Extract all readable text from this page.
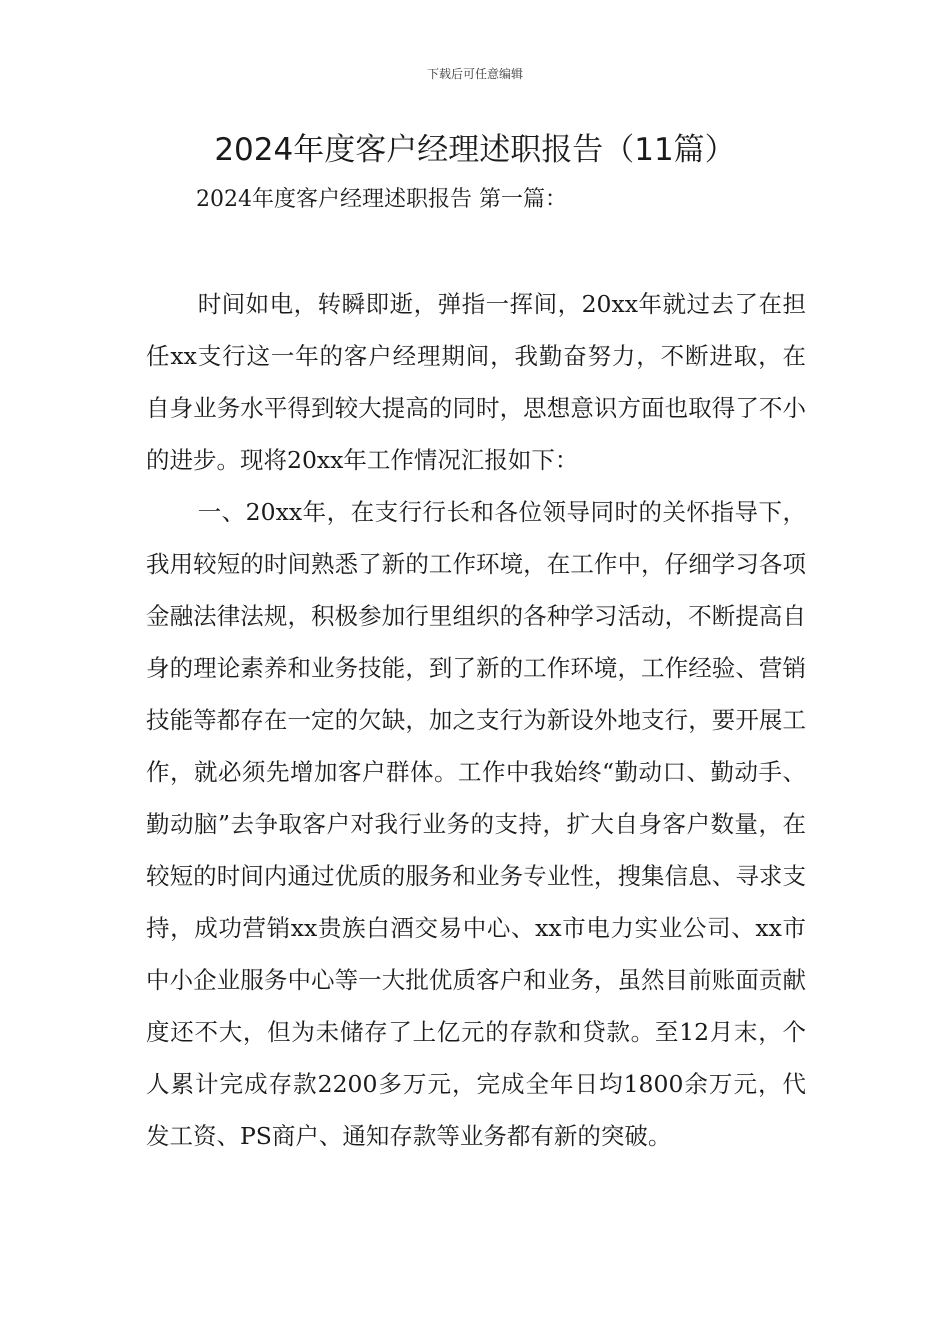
下载后可任意编辑
2024年度客户经理述职报告（11篇）
2024年度客户经理述职报告 第一篇：

时间如电，转瞬即逝，弹指一挥间，20xx年就过去了在担任xx支行这一年的客户经理期间，我勤奋努力，不断进取，在自身业务水平得到较大提高的同时，思想意识方面也取得了不小的进步。现将20xx年工作情况汇报如下：

一、20xx年，在支行行长和各位领导同时的关怀指导下，我用较短的时间熟悉了新的工作环境，在工作中，仔细学习各项金融法律法规，积极参加行里组织的各种学习活动，不断提高自身的理论素养和业务技能，到了新的工作环境，工作经验、营销技能等都存在一定的欠缺，加之支行为新设外地支行，要开展工作，就必须先增加客户群体。工作中我始终“勤动口、勤动手、勤动脑”去争取客户对我行业务的支持，扩大自身客户数量，在较短的时间内通过优质的服务和业务专业性，搜集信息、寻求支持，成功营销xx贵族白酒交易中心、xx市电力实业公司、xx市中小企业服务中心等一大批优质客户和业务，虽然目前账面贡献度还不大，但为未储存了上亿元的存款和贷款。至12月末，个人累计完成存款2200多万元，完成全年日均1800余万元，代发工资、PS商户、通知存款等业务都有新的突破。
